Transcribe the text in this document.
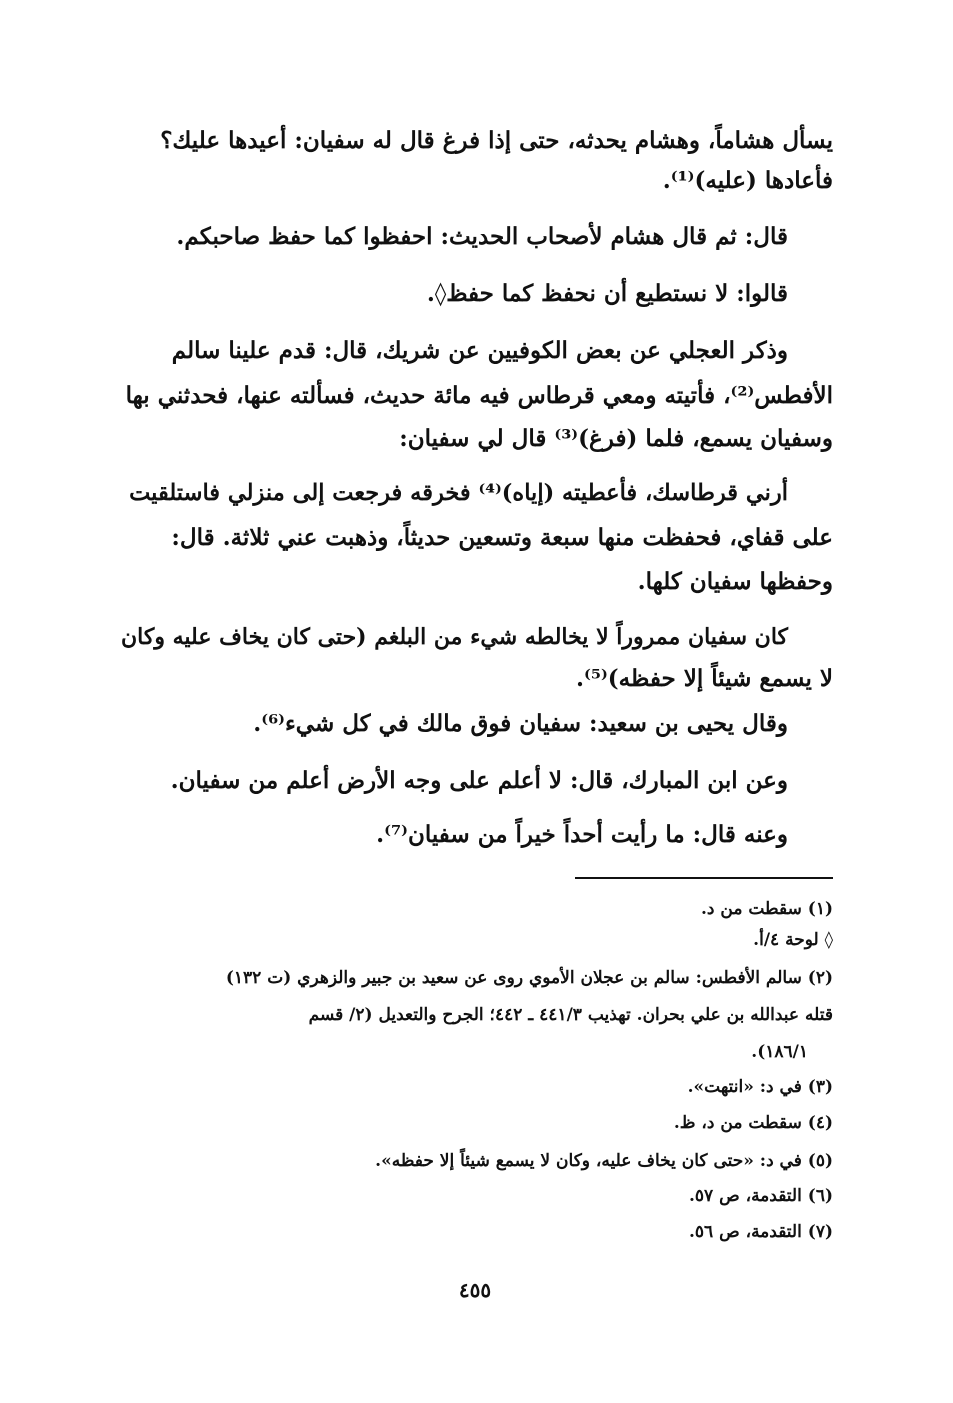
يسأل هشاماً، وهشام يحدثه، حتى إذا فرغ قال له سفيان: أعيدها عليك؟
فأعادها (عليه)⁽¹⁾.
قال: ثم قال هشام لأصحاب الحديث: احفظوا كما حفظ صاحبكم.
قالوا: لا نستطيع أن نحفظ كما حفظ◊.
وذكر العجلي عن بعض الكوفيين عن شريك، قال: قدم علينا سالم
الأفطس⁽²⁾، فأتيته ومعي قرطاس فيه مائة حديث، فسألته عنها، فحدثني بها
وسفيان يسمع، فلما (فرغ)⁽³⁾ قال لي سفيان:
أرني قرطاسك، فأعطيته (إياه)⁽⁴⁾ فخرقه فرجعت إلى منزلي فاستلقيت
على قفاي، فحفظت منها سبعة وتسعين حديثاً، وذهبت عني ثلاثة. قال:
وحفظها سفيان كلها.
كان سفيان ممروراً لا يخالطه شيء من البلغم (حتى كان يخاف عليه وكان
لا يسمع شيئاً إلا حفظه)⁽⁵⁾.
وقال يحيى بن سعيد: سفيان فوق مالك في كل شيء⁽⁶⁾.
وعن ابن المبارك، قال: لا أعلم على وجه الأرض أعلم من سفيان.
وعنه قال: ما رأيت أحداً خيراً من سفيان⁽⁷⁾.
(١) سقطت من د.
◊ لوحة ٤/أ.
(٢) سالم الأفطس: سالم بن عجلان الأموي روى عن سعيد بن جبير والزهري (ت ١٣٢)
قتله عبدالله بن علي بحران. تهذيب ٤٤١/٣ ـ ٤٤٢؛ الجرح والتعديل (٢/ قسم
١٨٦/١).
(٣) في د: «انتهت».
(٤) سقطت من د، ظ.
(٥) في د: «حتى كان يخاف عليه، وكان لا يسمع شيئاً إلا حفظه».
(٦) التقدمة، ص ٥٧.
(٧) التقدمة، ص ٥٦.
٤٥٥
